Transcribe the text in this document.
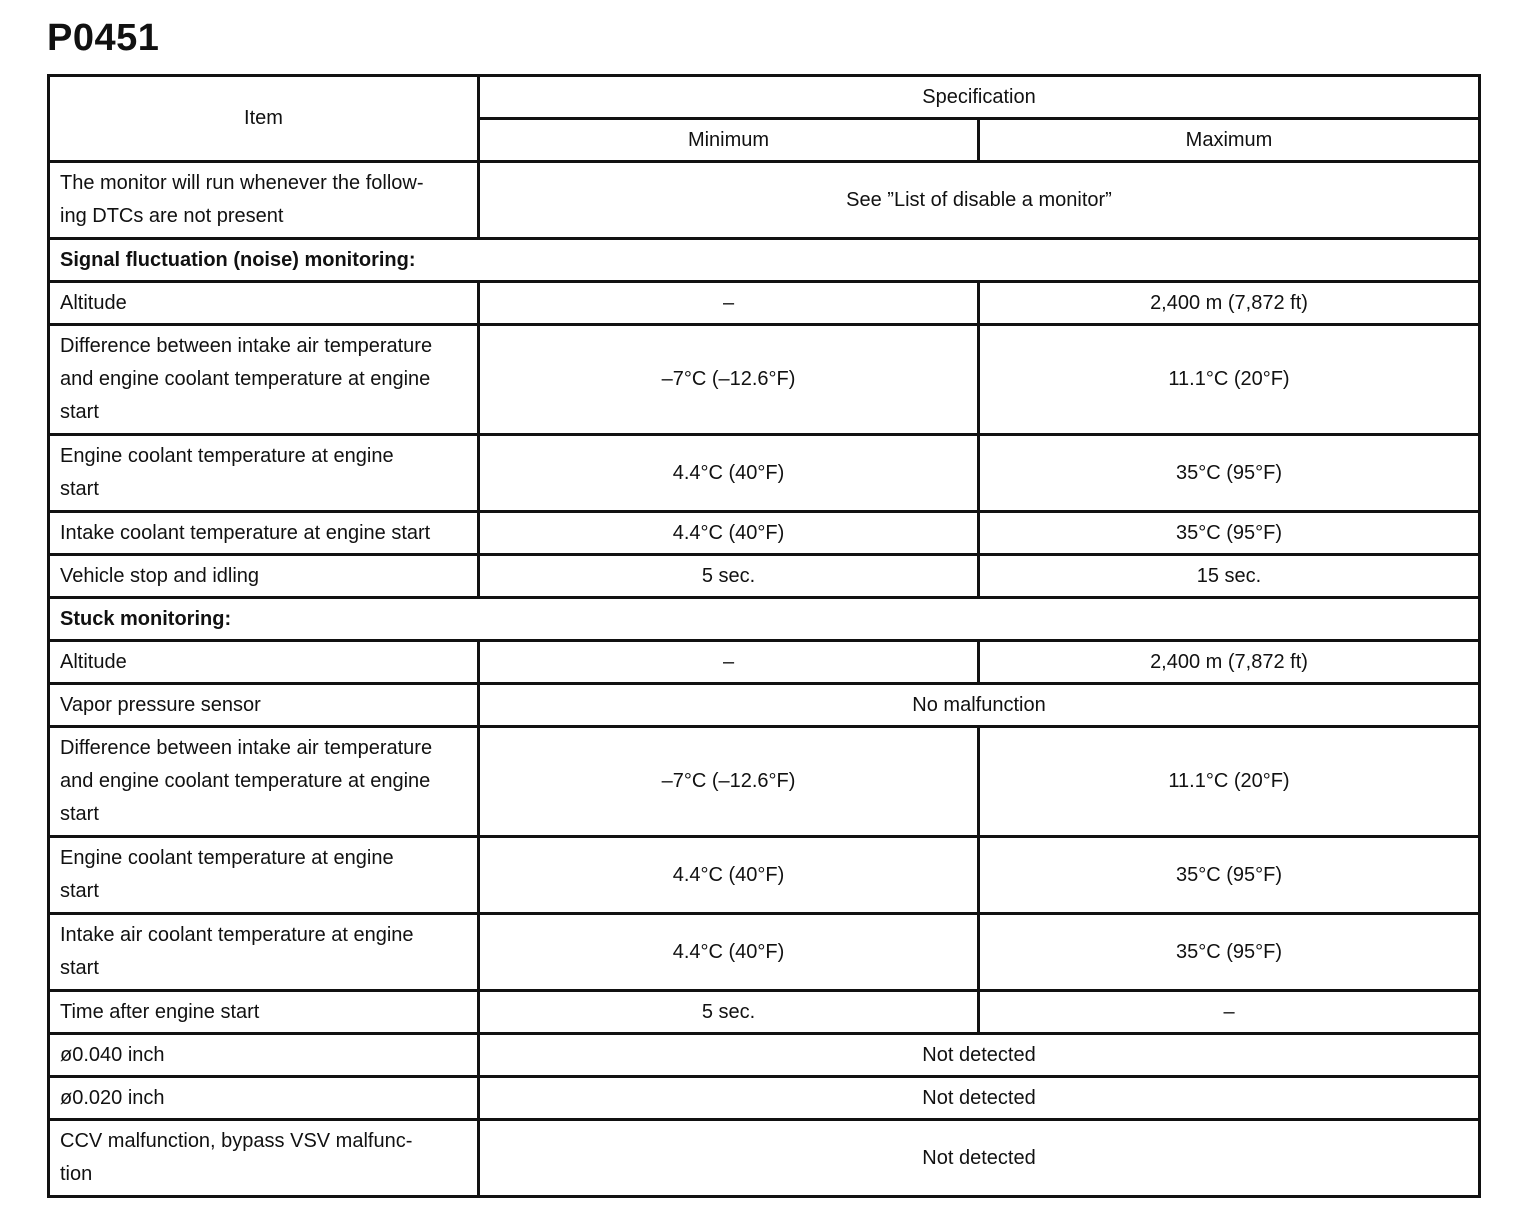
P0451
Item	Specification	
	Minimum	Maximum
The monitor will run whenever the follow-
ing DTCs are not present	See ”List of disable a monitor”	
Signal fluctuation (noise) monitoring:		
Altitude	–	2,400 m (7,872 ft)
Difference between intake air temperature
and engine coolant temperature at engine
start	–7°C (–12.6°F)	11.1°C (20°F)
Engine coolant temperature at engine
start	4.4°C (40°F)	35°C (95°F)
Intake coolant temperature at engine start	4.4°C (40°F)	35°C (95°F)
Vehicle stop and idling	5 sec.	15 sec.
Stuck monitoring:		
Altitude	–	2,400 m (7,872 ft)
Vapor pressure sensor	No malfunction	
Difference between intake air temperature
and engine coolant temperature at engine
start	–7°C (–12.6°F)	11.1°C (20°F)
Engine coolant temperature at engine
start	4.4°C (40°F)	35°C (95°F)
Intake air coolant temperature at engine
start	4.4°C (40°F)	35°C (95°F)
Time after engine start	5 sec.	–
ø0.040 inch	Not detected	
ø0.020 inch	Not detected	
CCV malfunction, bypass VSV malfunc-
tion	Not detected	
